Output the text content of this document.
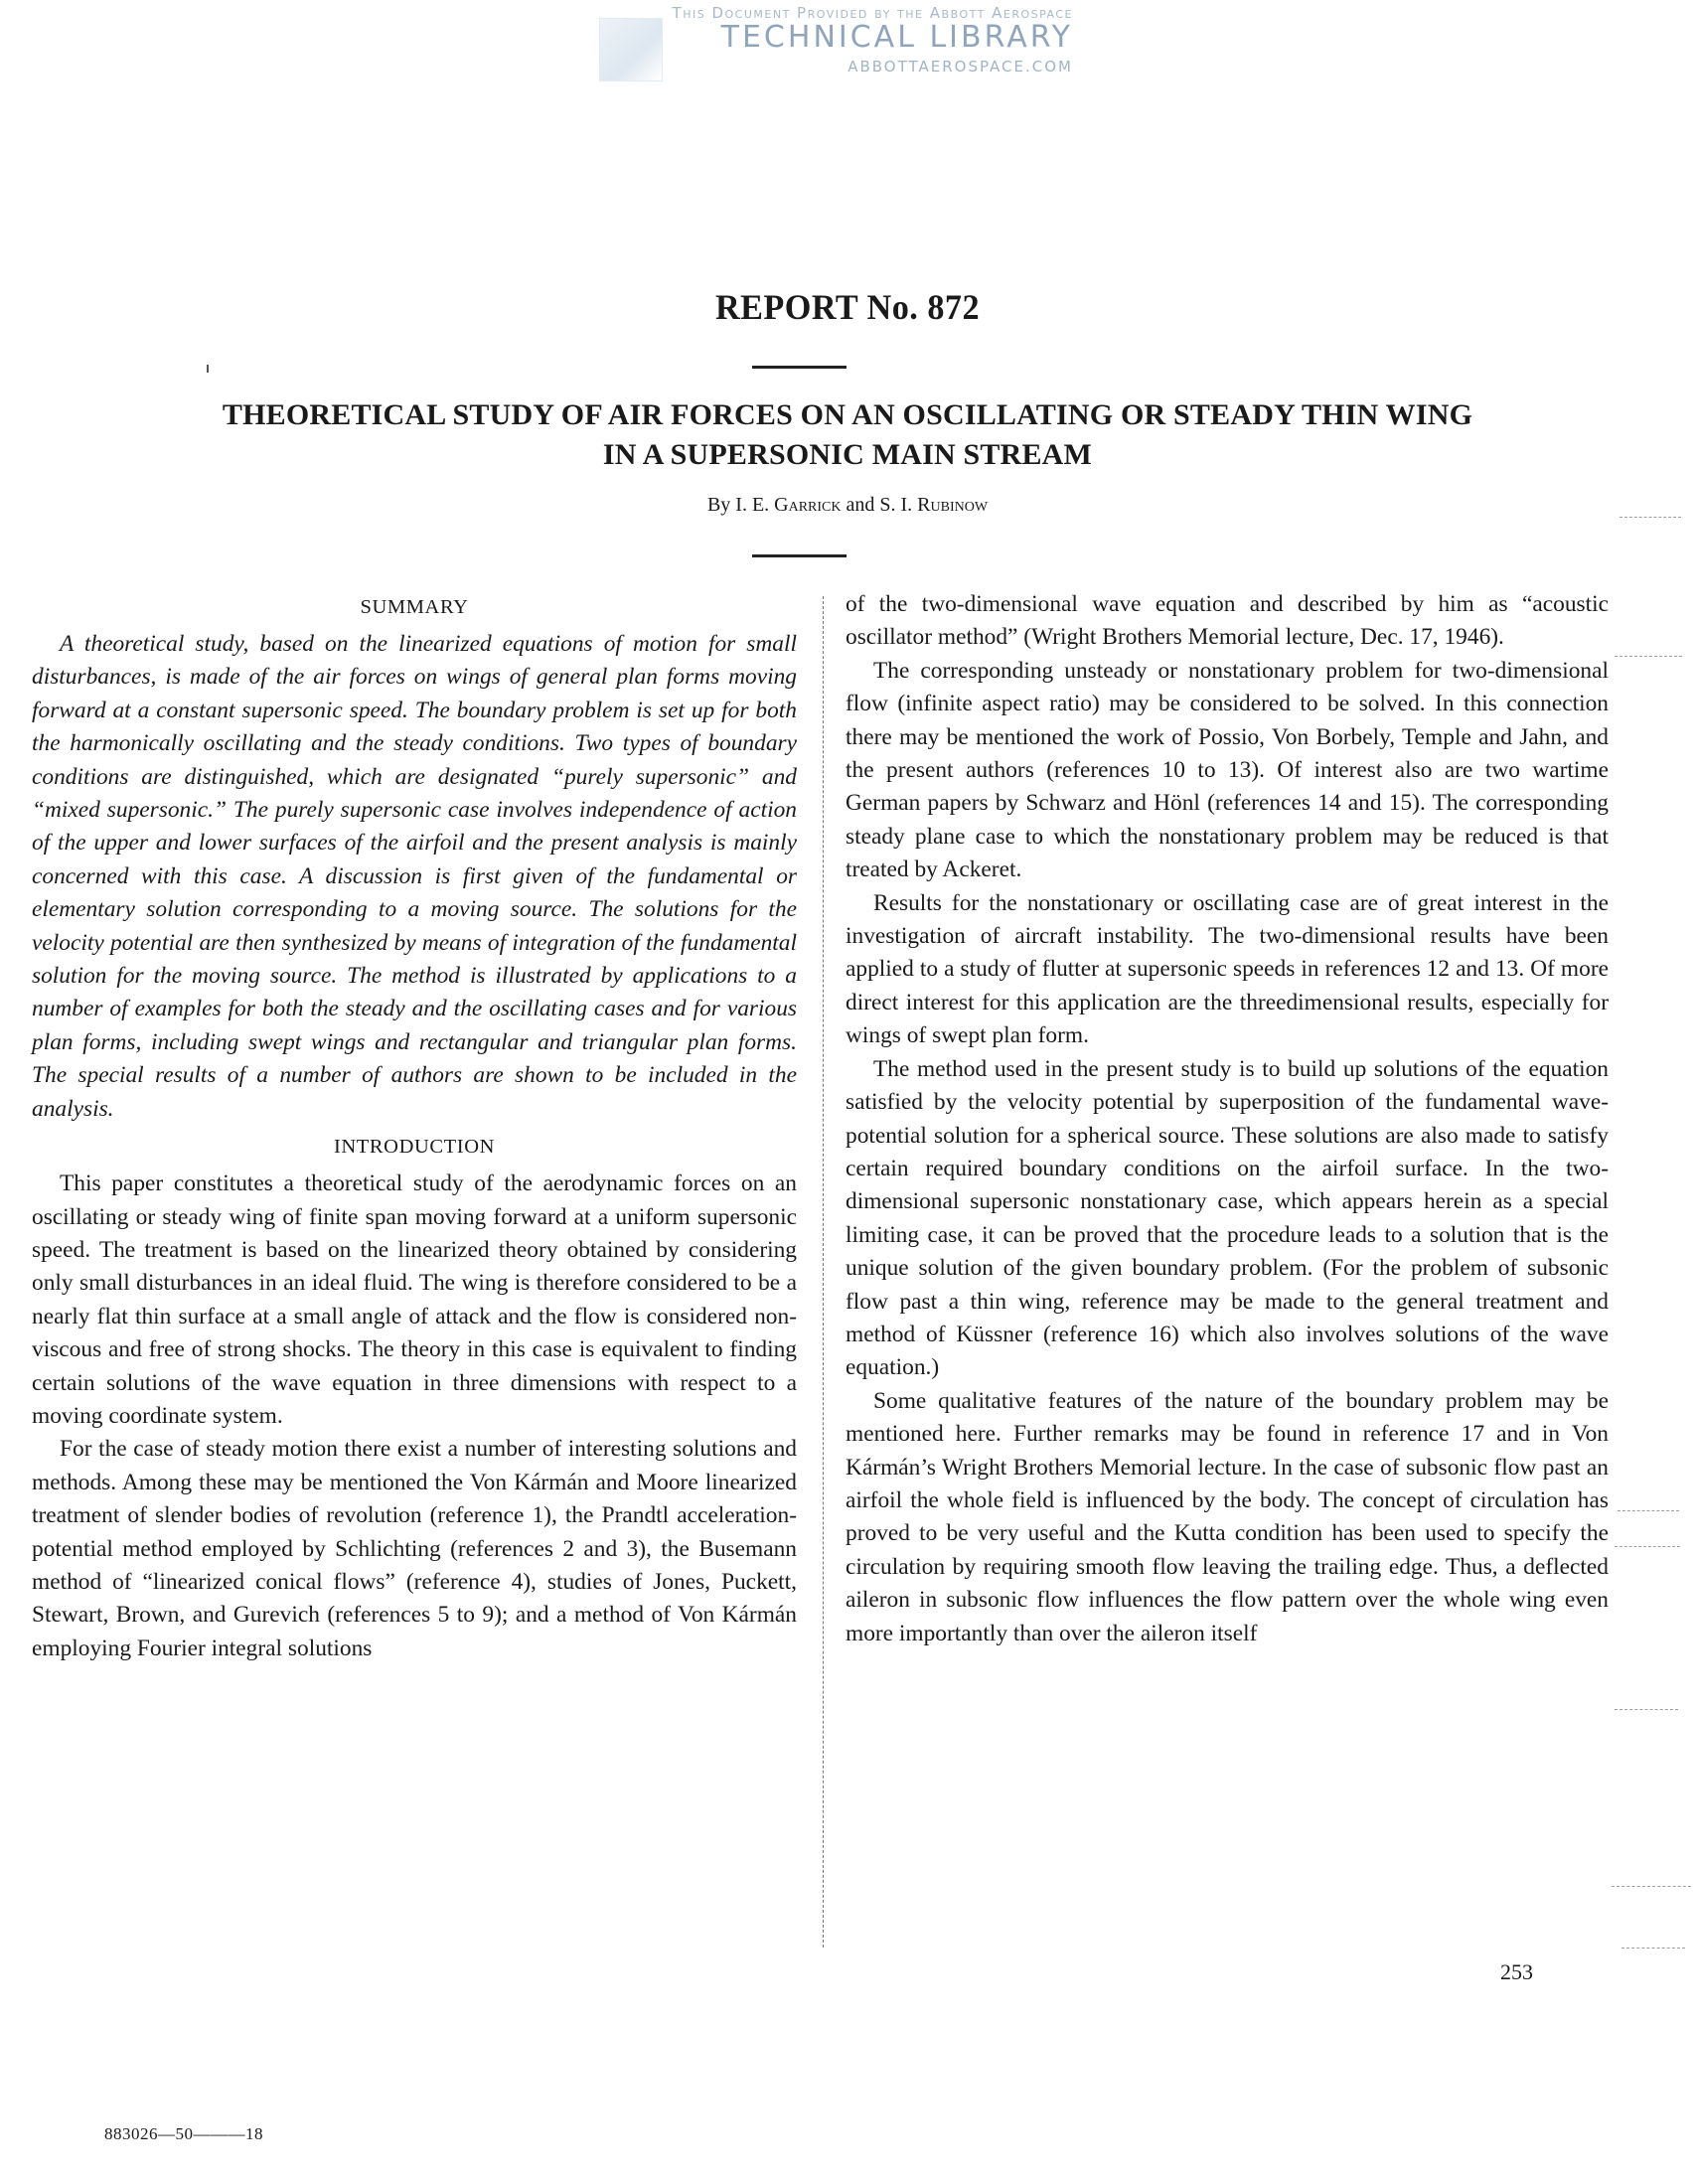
This Document Provided by the Abbott Aerospace
TECHNICAL LIBRARY
ABBOTTAEROSPACE.COM
REPORT No. 872
THEORETICAL STUDY OF AIR FORCES ON AN OSCILLATING OR STEADY THIN WING
IN A SUPERSONIC MAIN STREAM
By I. E. Garrick and S. I. Rubinow
SUMMARY

A theoretical study, based on the linearized equations of motion for small disturbances, is made of the air forces on wings of general plan forms moving forward at a constant supersonic speed. The boundary problem is set up for both the harmonically oscillating and the steady conditions. Two types of boundary conditions are distinguished, which are designated “purely supersonic” and “mixed supersonic.” The purely supersonic case involves independence of action of the upper and lower surfaces of the airfoil and the present analysis is mainly concerned with this case. A discussion is first given of the fundamental or elementary solution corresponding to a moving source. The solutions for the velocity potential are then synthesized by means of integration of the fundamental solution for the moving source. The method is illustrated by applications to a number of examples for both the steady and the oscillating cases and for various plan forms, including swept wings and rectangular and triangular plan forms. The special results of a number of authors are shown to be included in the analysis.

INTRODUCTION

This paper constitutes a theoretical study of the aerodynamic forces on an oscillating or steady wing of finite span moving forward at a uniform supersonic speed. The treatment is based on the linearized theory obtained by considering only small disturbances in an ideal fluid. The wing is therefore considered to be a nearly flat thin surface at a small angle of attack and the flow is considered nonviscous and free of strong shocks. The theory in this case is equivalent to finding certain solutions of the wave equation in three dimensions with respect to a moving coordinate system.

For the case of steady motion there exist a number of interesting solutions and methods. Among these may be mentioned the Von Kármán and Moore linearized treatment of slender bodies of revolution (reference 1), the Prandtl acceleration-potential method employed by Schlichting (references 2 and 3), the Busemann method of “linearized conical flows” (reference 4), studies of Jones, Puckett, Stewart, Brown, and Gurevich (references 5 to 9); and a method of Von Kármán employing Fourier integral solutions

of the two-dimensional wave equation and described by him as “acoustic oscillator method” (Wright Brothers Memorial lecture, Dec. 17, 1946).

The corresponding unsteady or nonstationary problem for two-dimensional flow (infinite aspect ratio) may be considered to be solved. In this connection there may be mentioned the work of Possio, Von Borbely, Temple and Jahn, and the present authors (references 10 to 13). Of interest also are two wartime German papers by Schwarz and Hönl (references 14 and 15). The corresponding steady plane case to which the nonstationary problem may be reduced is that treated by Ackeret.

Results for the nonstationary or oscillating case are of great interest in the investigation of aircraft instability. The two-dimensional results have been applied to a study of flutter at supersonic speeds in references 12 and 13. Of more direct interest for this application are the threedimensional results, especially for wings of swept plan form.

The method used in the present study is to build up solutions of the equation satisfied by the velocity potential by superposition of the fundamental wave-potential solution for a spherical source. These solutions are also made to satisfy certain required boundary conditions on the airfoil surface. In the two-dimensional supersonic nonstationary case, which appears herein as a special limiting case, it can be proved that the procedure leads to a solution that is the unique solution of the given boundary problem. (For the problem of subsonic flow past a thin wing, reference may be made to the general treatment and method of Küssner (reference 16) which also involves solutions of the wave equation.)

Some qualitative features of the nature of the boundary problem may be mentioned here. Further remarks may be found in reference 17 and in Von Kármán’s Wright Brothers Memorial lecture. In the case of subsonic flow past an airfoil the whole field is influenced by the body. The concept of circulation has proved to be very useful and the Kutta condition has been used to specify the circulation by requiring smooth flow leaving the trailing edge. Thus, a deflected aileron in subsonic flow influences the flow pattern over the whole wing even more importantly than over the aileron itself

253
883026—50———18
